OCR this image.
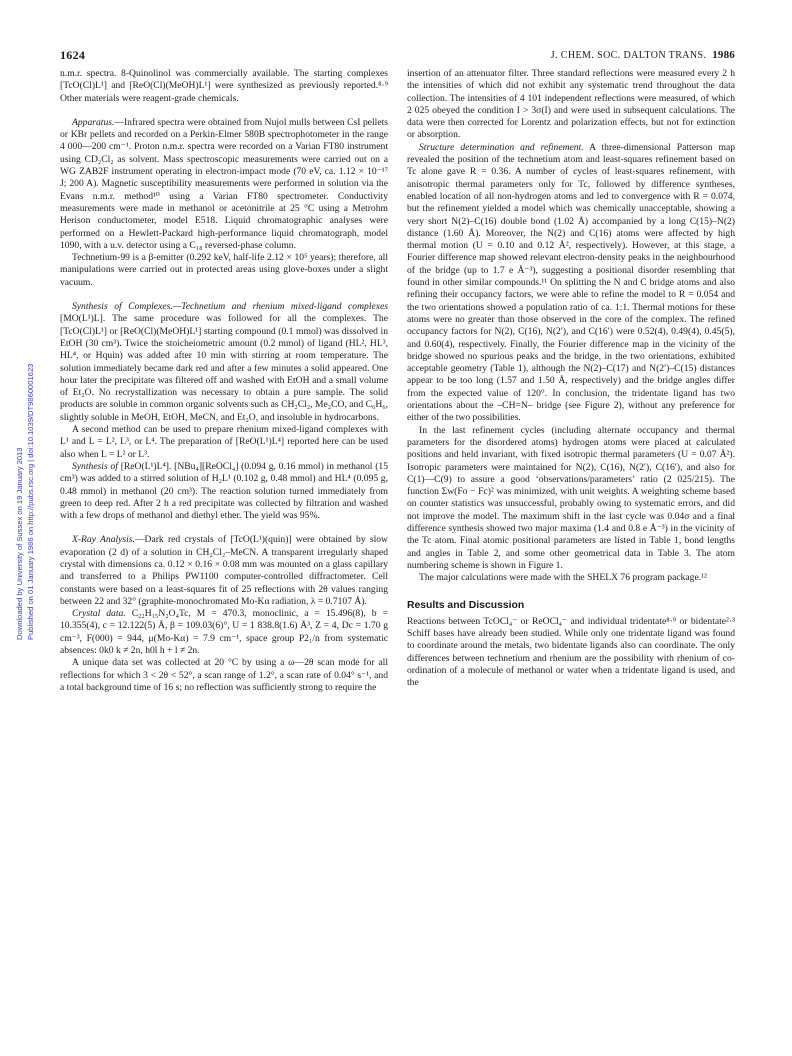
1624	J. CHEM. SOC. DALTON TRANS. 1986
Downloaded by University of Sussex on 19 January 2013 Published on 01 January 1986 on http://pubs.rsc.org | doi:10.1039/DT9860001623

n.m.r. spectra. 8-Quinolinol was commercially available. The starting complexes [TcO(Cl)L¹] and [ReO(Cl)(MeOH)L¹] were synthesized as previously reported.⁸·⁹ Other materials were reagent-grade chemicals.

Apparatus.—Infrared spectra were obtained from Nujol mulls between CsI pellets or KBr pellets and recorded on a Perkin-Elmer 580B spectrophotometer in the range 4 000—200 cm⁻¹. Proton n.m.r. spectra were recorded on a Varian FT80 instrument using CD₂Cl₂ as solvent. Mass spectroscopic measurements were carried out on a WG ZAB2F instrument operating in electron-impact mode (70 eV, ca. 1.12 × 10⁻¹⁷ J; 200 A). Magnetic susceptibility measurements were performed in solution via the Evans n.m.r. method¹⁰ using a Varian FT80 spectrometer. Conductivity measurements were made in methanol or acetonitrile at 25 °C using a Metrohm Herison conductometer, model E518. Liquid chromatographic analyses were performed on a Hewlett-Packard high-performance liquid chromatograph, model 1090, with a u.v. detector using a C₁₈ reversed-phase column.

Technetium-99 is a β-emitter (0.292 keV, half-life 2.12 × 10⁵ years); therefore, all manipulations were carried out in protected areas using glove-boxes under a slight vacuum.

Synthesis of Complexes.—Technetium and rhenium mixed-ligand complexes [MO(L¹)L]. The same procedure was followed for all the complexes. The [TcO(Cl)L¹] or [ReO(Cl)(MeOH)L¹] starting compound (0.1 mmol) was dissolved in EtOH (30 cm³). Twice the stoicheiometric amount (0.2 mmol) of ligand (HL², HL³, HL⁴, or Hquin) was added after 10 min with stirring at room temperature. The solution immediately became dark red and after a few minutes a solid appeared. One hour later the precipitate was filtered off and washed with EtOH and a small volume of Et₂O. No recrystallization was necessary to obtain a pure sample. The solid products are soluble in common organic solvents such as CH₂Cl₂, Me₂CO, and C₆H₆, slightly soluble in MeOH, EtOH, MeCN, and Et₂O, and insoluble in hydrocarbons.

A second method can be used to prepare rhenium mixed-ligand complexes with L¹ and L = L², L³, or L⁴. The preparation of [ReO(L¹)L⁴] reported here can be used also when L = L² or L³.

Synthesis of [ReO(L¹)L⁴]. [NBu₄][ReOCl₄] (0.094 g, 0.16 mmol) in methanol (15 cm³) was added to a stirred solution of H₂L¹ (0.102 g, 0.48 mmol) and HL⁴ (0.095 g, 0.48 mmol) in methanol (20 cm³). The reaction solution turned immediately from green to deep red. After 2 h a red precipitate was collected by filtration and washed with a few drops of methanol and diethyl ether. The yield was 95%.

X-Ray Analysis.—Dark red crystals of [TcO(L¹)(quin)] were obtained by slow evaporation (2 d) of a solution in CH₂Cl₂–MeCN. A transparent irregularly shaped crystal with dimensions ca. 0.12 × 0.16 × 0.08 mm was mounted on a glass capillary and transferred to a Philips PW1100 computer-controlled diffractometer. Cell constants were based on a least-squares fit of 25 reflections with 2θ values ranging between 22 and 32° (graphite-monochromated Mo-Kα radiation, λ = 0.7107 Å).

Crystal data. C₂₂H₁₅N₂O₄Tc, M = 470.3, monoclinic, a = 15.496(8), b = 10.355(4), c = 12.122(5) Å, β = 109.03(6)°, U = 1 838.8(1.6) Å³, Z = 4, Dc = 1.70 g cm⁻³, F(000) = 944, μ(Mo-Kα) = 7.9 cm⁻¹, space group P2₁/n from systematic absences: 0k0 k ≠ 2n, h0l h + l ≠ 2n.

A unique data set was collected at 20 °C by using a ω—2θ scan mode for all reflections for which 3 < 2θ < 52°, a scan range of 1.2°, a scan rate of 0.04° s⁻¹, and a total background time of 16 s; no reflection was sufficiently strong to require the

insertion of an attenuator filter. Three standard reflections were measured every 2 h the intensities of which did not exhibit any systematic trend throughout the data collection. The intensities of 4 101 independent reflections were measured, of which 2 025 obeyed the condition I > 3σ(I) and were used in subsequent calculations. The data were then corrected for Lorentz and polarization effects, but not for extinction or absorption.

Structure determination and refinement. A three-dimensional Patterson map revealed the position of the technetium atom and least-squares refinement based on Tc alone gave R = 0.36. A number of cycles of least-squares refinement, with anisotropic thermal parameters only for Tc, followed by difference syntheses, enabled location of all non-hydrogen atoms and led to convergence with R = 0.074, but the refinement yielded a model which was chemically unacceptable, showing a very short N(2)–C(16) double bond (1.02 Å) accompanied by a long C(15)–N(2) distance (1.60 Å). Moreover, the N(2) and C(16) atoms were affected by high thermal motion (U = 0.10 and 0.12 Å², respectively). However, at this stage, a Fourier difference map showed relevant electron-density peaks in the neighbourhood of the bridge (up to 1.7 e Å⁻³), suggesting a positional disorder resembling that found in other similar compounds.¹¹ On splitting the N and C bridge atoms and also refining their occupancy factors, we were able to refine the model to R = 0.054 and the two orientations showed a population ratio of ca. 1:1. Thermal motions for these atoms were no greater than those observed in the core of the complex. The refined occupancy factors for N(2), C(16), N(2′), and C(16′) were 0.52(4), 0.49(4), 0.45(5), and 0.60(4), respectively. Finally, the Fourier difference map in the vicinity of the bridge showed no spurious peaks and the bridge, in the two orientations, exhibited acceptable geometry (Table 1), although the N(2)–C(17) and N(2′)–C(15) distances appear to be too long (1.57 and 1.50 Å, respectively) and the bridge angles differ from the expected value of 120°. In conclusion, the tridentate ligand has two orientations about the –CH=N– bridge (see Figure 2), without any preference for either of the two possibilities.

In the last refinement cycles (including alternate occupancy and thermal parameters for the disordered atoms) hydrogen atoms were placed at calculated positions and held invariant, with fixed isotropic thermal parameters (U = 0.07 Å²). Isotropic parameters were maintained for N(2), C(16), N(2′), C(16′), and also for C(1)—C(9) to assure a good ‘observations/parameters’ ratio (2 025/215). The function Σw(Fo − Fc)² was minimized, with unit weights. A weighting scheme based on counter statistics was unsuccessful, probably owing to systematic errors, and did not improve the model. The maximum shift in the last cycle was 0.04σ and a final difference synthesis showed two major maxima (1.4 and 0.8 e Å⁻³) in the vicinity of the Tc atom. Final atomic positional parameters are listed in Table 1, bond lengths and angles in Table 2, and some other geometrical data in Table 3. The atom numbering scheme is shown in Figure 1.

The major calculations were made with the SHELX 76 program package.¹²

Results and Discussion

Reactions between TcOCl₄⁻ or ReOCl₄⁻ and individual tridentate⁸·⁹ or bidentate²·³ Schiff bases have already been studied. While only one tridentate ligand was found to coordinate around the metals, two bidentate ligands also can coordinate. The only differences between technetium and rhenium are the possibility with rhenium of co-ordination of a molecule of methanol or water when a tridentate ligand is used, and the
